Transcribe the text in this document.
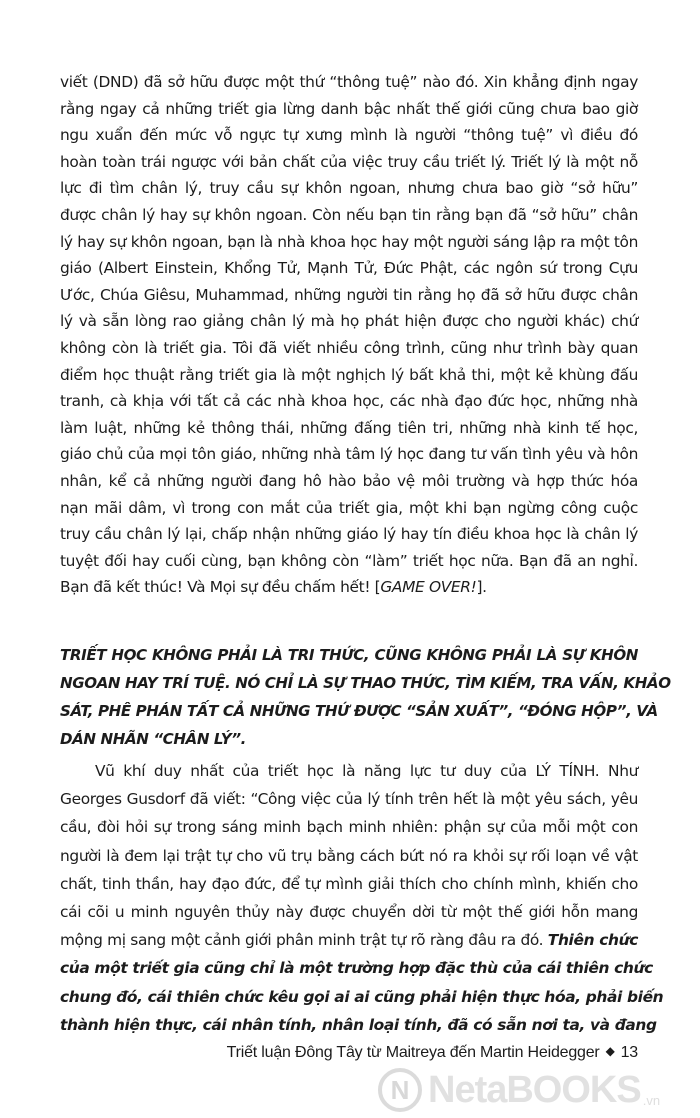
viết (DND) đã sở hữu được một thứ “thông tuệ” nào đó. Xin khẳng định ngay
rằng ngay cả những triết gia lừng danh bậc nhất thế giới cũng chưa bao giờ
ngu xuẩn đến mức vỗ ngực tự xưng mình là người “thông tuệ” vì điều đó
hoàn toàn trái ngược với bản chất của việc truy cầu triết lý. Triết lý là một nỗ
lực đi tìm chân lý, truy cầu sự khôn ngoan, nhưng chưa bao giờ “sở hữu”
được chân lý hay sự khôn ngoan. Còn nếu bạn tin rằng bạn đã “sở hữu” chân
lý hay sự khôn ngoan, bạn là nhà khoa học hay một người sáng lập ra một tôn
giáo (Albert Einstein, Khổng Tử, Mạnh Tử, Đức Phật, các ngôn sứ trong Cựu
Ước, Chúa Giêsu, Muhammad, những người tin rằng họ đã sở hữu được chân
lý và sẵn lòng rao giảng chân lý mà họ phát hiện được cho người khác) chứ
không còn là triết gia. Tôi đã viết nhiều công trình, cũng như trình bày quan
điểm học thuật rằng triết gia là một nghịch lý bất khả thi, một kẻ khùng đấu
tranh, cà khịa với tất cả các nhà khoa học, các nhà đạo đức học, những nhà
làm luật, những kẻ thông thái, những đấng tiên tri, những nhà kinh tế học,
giáo chủ của mọi tôn giáo, những nhà tâm lý học đang tư vấn tình yêu và hôn
nhân, kể cả những người đang hô hào bảo vệ môi trường và hợp thức hóa
nạn mãi dâm, vì trong con mắt của triết gia, một khi bạn ngừng công cuộc
truy cầu chân lý lại, chấp nhận những giáo lý hay tín điều khoa học là chân lý
tuyệt đối hay cuối cùng, bạn không còn “làm” triết học nữa. Bạn đã an nghỉ.
Bạn đã kết thúc! Và Mọi sự đều chấm hết! [GAME OVER!].
TRIẾT HỌC KHÔNG PHẢI LÀ TRI THỨC, CŨNG KHÔNG PHẢI LÀ SỰ KHÔN
NGOAN HAY TRÍ TUỆ. NÓ CHỈ LÀ SỰ THAO THỨC, TÌM KIẾM, TRA VẤN, KHẢO
SÁT, PHÊ PHÁN TẤT CẢ NHỮNG THỨ ĐƯỢC “SẢN XUẤT”, “ĐÓNG HỘP”, VÀ
DÁN NHÃN “CHÂN LÝ”.
Vũ khí duy nhất của triết học là năng lực tư duy của LÝ TÍNH. Như
Georges Gusdorf đã viết: “Công việc của lý tính trên hết là một yêu sách, yêu
cầu, đòi hỏi sự trong sáng minh bạch minh nhiên: phận sự của mỗi một con
người là đem lại trật tự cho vũ trụ bằng cách bứt nó ra khỏi sự rối loạn về vật
chất, tinh thần, hay đạo đức, để tự mình giải thích cho chính mình, khiến cho
cái cõi u minh nguyên thủy này được chuyển dời từ một thế giới hỗn mang
mộng mị sang một cảnh giới phân minh trật tự rõ ràng đâu ra đó. Thiên chức
của một triết gia cũng chỉ là một trường hợp đặc thù của cái thiên chức
chung đó, cái thiên chức kêu gọi ai ai cũng phải hiện thực hóa, phải biến
thành hiện thực, cái nhân tính, nhân loại tính, đã có sẵn nơi ta, và đang
Triết luận Đông Tây từ Maitreya đến Martin Heidegger ◆ 13
N NetaBOOKS .vn
